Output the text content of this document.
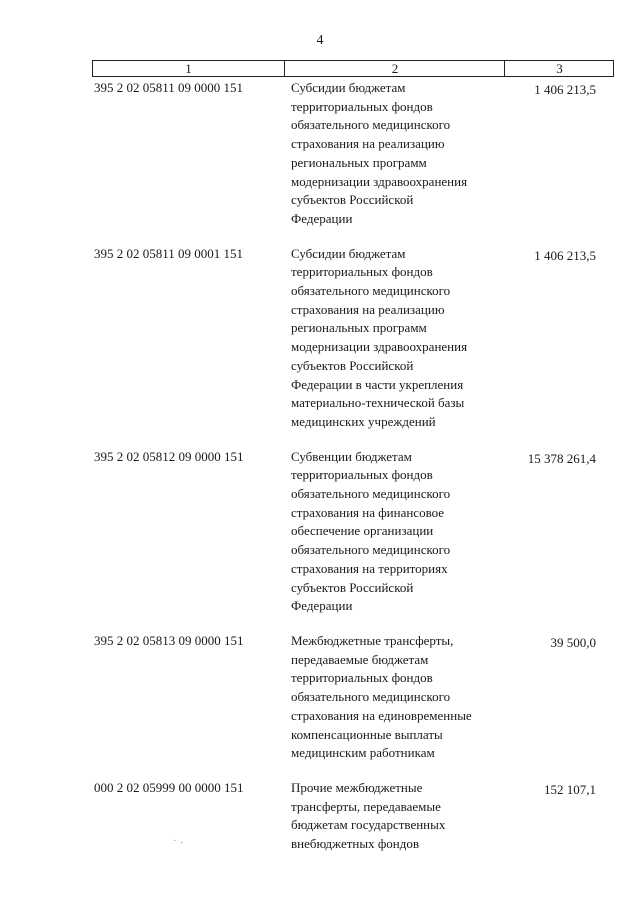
4
1	2	3
395 2 02 05811 09 0000 151	Субсидии бюджетам
территориальных фондов
обязательного медицинского
страхования на реализацию
региональных программ
модернизации здравоохранения
субъектов Российской
Федерации
1 406 213,5
395 2 02 05811 09 0001 151	Субсидии бюджетам
территориальных фондов
обязательного медицинского
страхования на реализацию
региональных программ
модернизации здравоохранения
субъектов Российской
Федерации в части укрепления
материально-технической базы
медицинских учреждений
1 406 213,5
395 2 02 05812 09 0000 151	Субвенции бюджетам
территориальных фондов
обязательного медицинского
страхования на финансовое
обеспечение организации
обязательного медицинского
страхования на территориях
субъектов Российской
Федерации
15 378 261,4
395 2 02 05813 09 0000 151	Межбюджетные трансферты,
передаваемые бюджетам
территориальных фондов
обязательного медицинского
страхования на единовременные
компенсационные выплаты
медицинским работникам
39 500,0
000 2 02 05999 00 0000 151	Прочие межбюджетные
трансферты, передаваемые
бюджетам государственных
внебюджетных фондов
152 107,1
⠁⠂
